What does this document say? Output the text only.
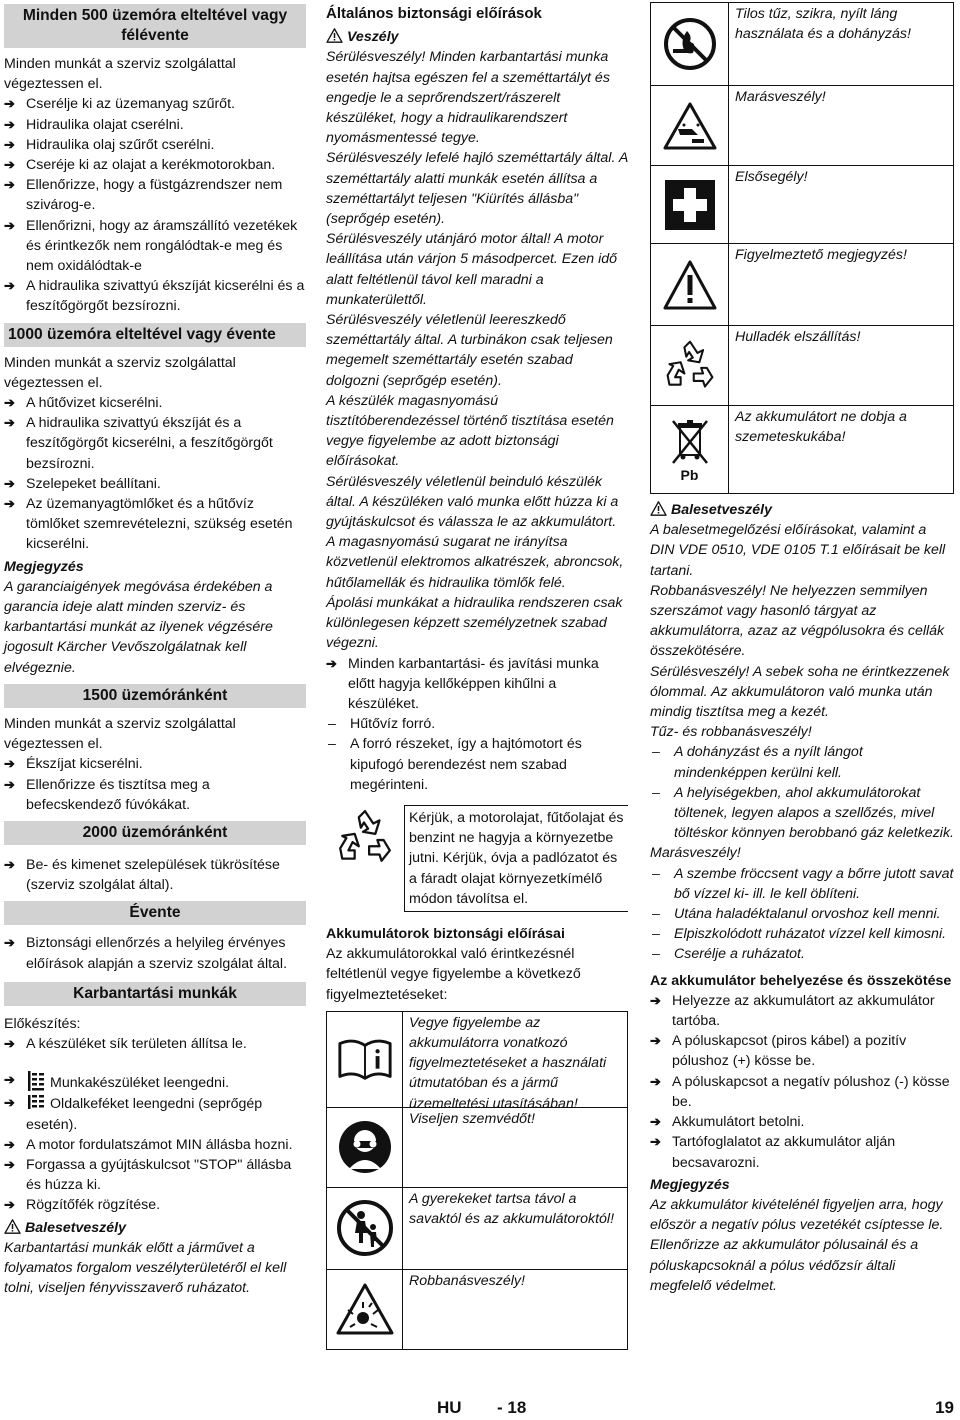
Minden 500 üzemóra elteltével vagy félévente

Minden munkát a szerviz szolgálattal végeztessen el.

➔ Cserélje ki az üzemanyag szűrőt.

➔ Hidraulika olajat cserélni.

➔ Hidraulika olaj szűrőt cserélni.

➔ Cseréje ki az olajat a kerékmotorokban.

➔ Ellenőrizze, hogy a füstgázrendszer nem szivárog-e.

➔ Ellenőrizni, hogy az áramszállító vezetékek és érintkezők nem rongálódtak-e meg és nem oxidálódtak-e

➔ A hidraulika szivattyú ékszíját kicserélni és a feszítőgörgőt bezsírozni.

1000 üzemóra elteltével vagy évente

Minden munkát a szerviz szolgálattal végeztessen el.

➔ A hűtővizet kicserélni.

➔ A hidraulika szivattyú ékszíját és a feszítőgörgőt kicserélni, a feszítőgörgőt bezsírozni.

➔ Szelepeket beállítani.

➔ Az üzemanyagtömlőket és a hűtővíz tömlőket szemrevételezni, szükség esetén kicserélni.

Megjegyzés

A garanciaigények megóvása érdekében a garancia ideje alatt minden szerviz- és karbantartási munkát az ilyenek végzésére jogosult Kärcher Vevőszolgálatnak kell elvégeznie.

1500 üzemóránként

Minden munkát a szerviz szolgálattal végeztessen el.

➔ Ékszíjat kicserélni.

➔ Ellenőrizze és tisztítsa meg a befecskendező fúvókákat.

2000 üzemóránként

➔ Be- és kimenet szelepülések tükrösítése (szerviz szolgálat által).

Évente

➔ Biztonsági ellenőrzés a helyileg érvényes előírások alapján a szerviz szolgálat által.

Karbantartási munkák

Előkészítés:

➔ A készüléket sík területen állítsa le.

➔ Munkakészüléket leengedni.

➔ Oldalkeféket leengedni (seprőgép esetén).

➔ A motor fordulatszámot MIN állásba hozni.

➔ Forgassa a gyújtáskulcsot "STOP" állásba és húzza ki.

➔ Rögzítőfék rögzítése.

Balesetveszély

Karbantartási munkák előtt a járművet a folyamatos forgalom veszélyterületéről el kell tolni, viseljen fényvisszaverő ruházatot.

Általános biztonsági előírások

Veszély

Sérülésveszély! Minden karbantartási munka esetén hajtsa egészen fel a szeméttartályt és engedje le a seprőrendszert/rászerelt készüléket, hogy a hidraulikarendszert nyomásmentessé tegye.

Sérülésveszély lefelé hajló szeméttartály által. A szeméttartály alatti munkák esetén állítsa a szeméttartályt teljesen "Kiürítés állásba"(seprőgép esetén).

Sérülésveszély utánjáró motor által! A motor leállítása után várjon 5 másodpercet. Ezen idő alatt feltétlenül távol kell maradni a munkaterülettől.

Sérülésveszély véletlenül leereszkedő szeméttartály által. A turbinákon csak teljesen megemelt szeméttartály esetén szabad dolgozni (seprőgép esetén).

A készülék magasnyomású tisztítóberendezéssel történő tisztítása esetén vegye figyelembe az adott biztonsági előírásokat.

Sérülésveszély véletlenül beinduló készülék által. A készüléken való munka előtt húzza ki a gyújtáskulcsot és válassza le az akkumulátort.

A magasnyomású sugarat ne irányítsa közvetlenül elektromos alkatrészek, abroncsok, hűtőlamellák és hidraulika tömlők felé.

Ápolási munkákat a hidraulika rendszeren csak különlegesen képzett személyzetnek szabad végezni.

➔ Minden karbantartási- és javítási munka előtt hagyja kellőképpen kihűlni a készüléket.

– Hűtővíz forró.

– A forró részeket, így a hajtómotort és kipufogó berendezést nem szabad megérinteni.

Kérjük, a motorolajat, fűtőolajat és benzint ne hagyja a környezetbe jutni. Kérjük, óvja a padlózatot és a fáradt olajat környezetkímélő módon távolítsa el.

Akkumulátorok biztonsági előírásai

Az akkumulátorokkal való érintkezésnél feltétlenül vegye figyelembe a következő figyelmeztetéseket:

Vegye figyelembe az akkumulátorra vonatkozó figyelmeztetéseket a használati útmutatóban és a jármű üzemeltetési utasításában!
Viseljen szemvédőt!
A gyerekeket tartsa távol a savaktól és az akkumulátoroktól!
Robbanásveszély!
Tilos tűz, szikra, nyílt láng használata és a dohányzás!
Marásveszély!
Elsősegély!
Figyelmeztető megjegyzés!
Hulladék elszállítás!
Pb
Az akkumulátort ne dobja a szemeteskukába!

Balesetveszély

A balesetmegelőzési előírásokat, valamint a DIN VDE 0510, VDE 0105 T.1 előírásait be kell tartani.

Robbanásveszély! Ne helyezzen semmilyen szerszámot vagy hasonló tárgyat az akkumulátorra, azaz az végpólusokra és cellák összekötésére.

Sérülésveszély! A sebek soha ne érintkezzenek ólommal. Az akkumulátoron való munka után mindig tisztítsa meg a kezét.

Tűz- és robbanásveszély!

– A dohányzást és a nyílt lángot mindenképpen kerülni kell.

– A helyiségekben, ahol akkumulátorokat töltenek, legyen alapos a szellőzés, mivel töltéskor könnyen berobbanó gáz keletkezik.

Marásveszély!

– A szembe fröccsent vagy a bőrre jutott savat bő vízzel ki- ill. le kell öblíteni.

– Utána haladéktalanul orvoshoz kell menni.

– Elpiszkolódott ruházatot vízzel kell kimosni.

– Cserélje a ruházatot.

Az akkumulátor behelyezése és összekötése

➔ Helyezze az akkumulátort az akkumulátor tartóba.

➔ A póluskapcsot (piros kábel) a pozitív pólushoz (+) kösse be.

➔ A póluskapcsot a negatív pólushoz (-) kösse be.

➔ Akkumulátort betolni.

➔ Tartófoglalatot az akkumulátor alján becsavarozni.

Megjegyzés

Az akkumulátor kivételénél figyeljen arra, hogy először a negatív pólus vezetékét csíptesse le. Ellenőrizze az akkumulátor pólusainál és a póluskapcsoknál a pólus védőzsír általi megfelelő védelmet.

HU - 18	19
